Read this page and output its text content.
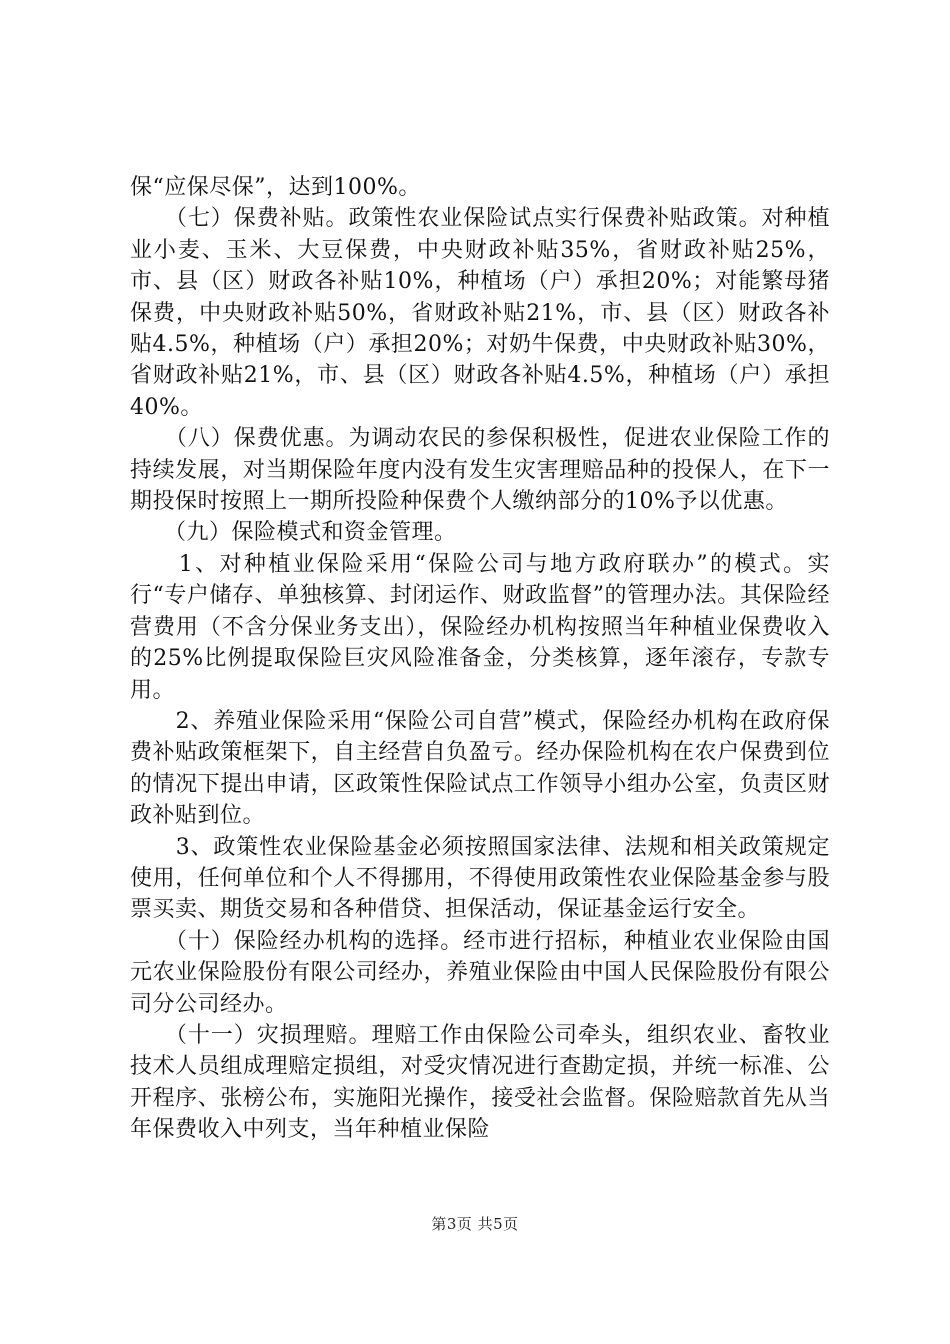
保“应保尽保”，达到100%。

　　（七）保费补贴。政策性农业保险试点实行保费补贴政策。对种植业小麦、玉米、大豆保费，中央财政补贴35%，省财政补贴25%，市、县（区）财政各补贴10%，种植场（户）承担20%；对能繁母猪保费，中央财政补贴50%，省财政补贴21%，市、县（区）财政各补贴4.5%，种植场（户）承担20%；对奶牛保费，中央财政补贴30%，省财政补贴21%，市、县（区）财政各补贴4.5%，种植场（户）承担40%。

　　（八）保费优惠。为调动农民的参保积极性，促进农业保险工作的持续发展，对当期保险年度内没有发生灾害理赔品种的投保人，在下一期投保时按照上一期所投险种保费个人缴纳部分的10%予以优惠。

　　（九）保险模式和资金管理。

　　1、对种植业保险采用“保险公司与地方政府联办”的模式。实行“专户储存、单独核算、封闭运作、财政监督”的管理办法。其保险经营费用（不含分保业务支出），保险经办机构按照当年种植业保费收入的25%比例提取保险巨灾风险准备金，分类核算，逐年滚存，专款专用。

　　2、养殖业保险采用“保险公司自营”模式，保险经办机构在政府保费补贴政策框架下，自主经营自负盈亏。经办保险机构在农户保费到位的情况下提出申请，区政策性保险试点工作领导小组办公室，负责区财政补贴到位。

　　3、政策性农业保险基金必须按照国家法律、法规和相关政策规定使用，任何单位和个人不得挪用，不得使用政策性农业保险基金参与股票买卖、期货交易和各种借贷、担保活动，保证基金运行安全。

　　（十）保险经办机构的选择。经市进行招标，种植业农业保险由国元农业保险股份有限公司经办，养殖业保险由中国人民保险股份有限公司分公司经办。

　　（十一）灾损理赔。理赔工作由保险公司牵头，组织农业、畜牧业技术人员组成理赔定损组，对受灾情况进行查勘定损，并统一标准、公开程序、张榜公布，实施阳光操作，接受社会监督。保险赔款首先从当年保费收入中列支，当年种植业保险

第3页 共5页
